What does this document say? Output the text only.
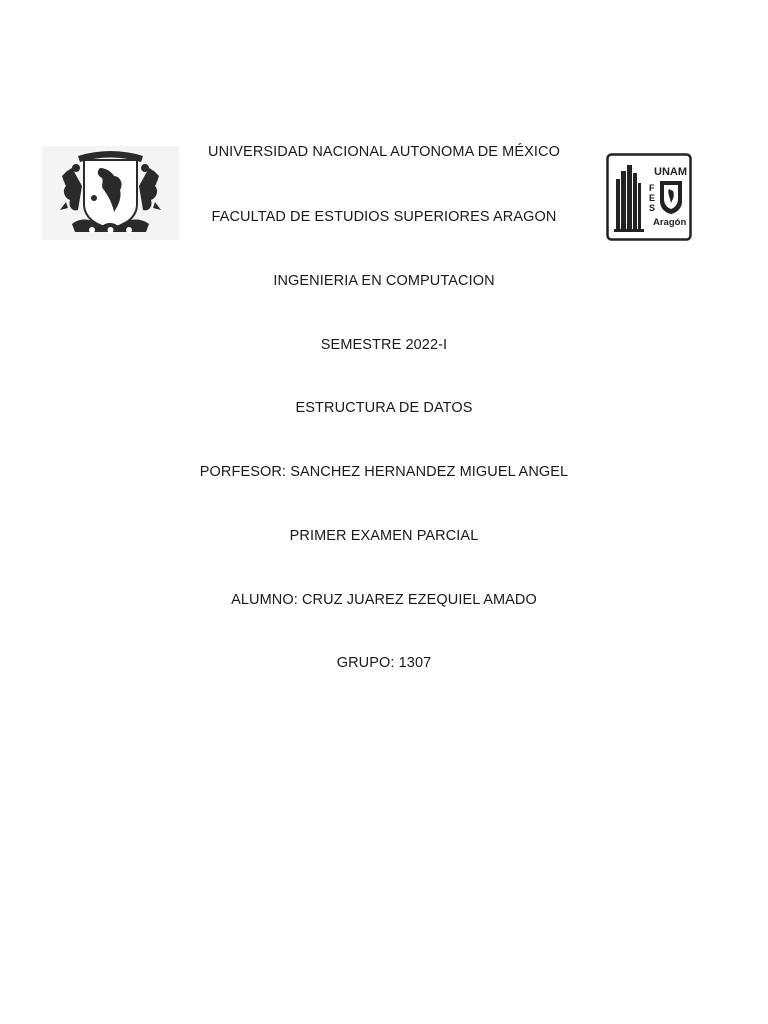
F
E
S
UNAM
Aragón
UNIVERSIDAD NACIONAL AUTONOMA DE MÉXICO
FACULTAD DE ESTUDIOS SUPERIORES ARAGON
INGENIERIA EN COMPUTACION
SEMESTRE 2022-I
ESTRUCTURA DE DATOS
PORFESOR: SANCHEZ HERNANDEZ MIGUEL ANGEL
PRIMER EXAMEN PARCIAL
ALUMNO: CRUZ JUAREZ EZEQUIEL AMADO
GRUPO: 1307
